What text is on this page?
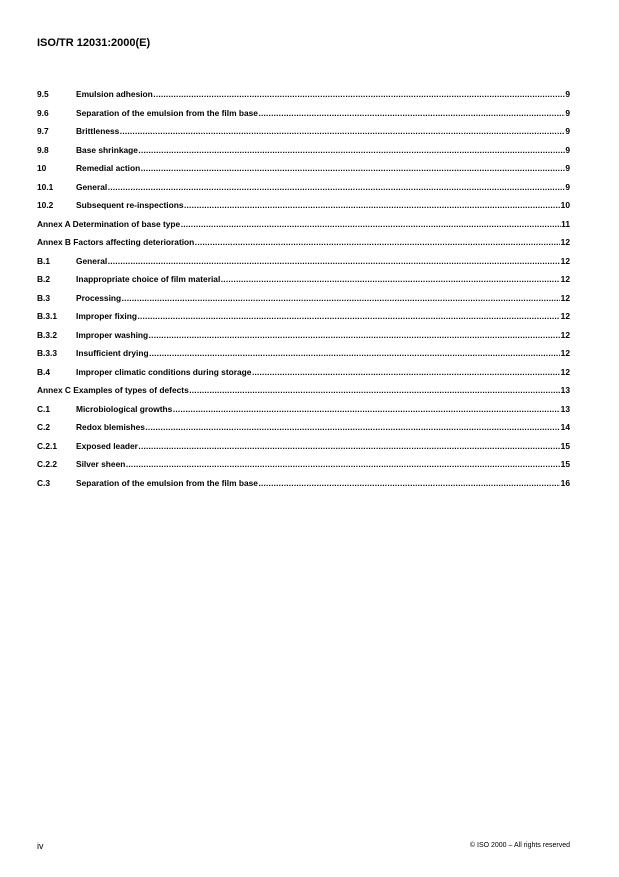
ISO/TR 12031:2000(E)
9.5	Emulsion adhesion .....	9
9.6	Separation of the emulsion from the film base .....	9
9.7	Brittleness .....	9
9.8	Base shrinkage .....	9
10	Remedial action .....	9
10.1	General .....	9
10.2	Subsequent re-inspections .....	10
Annex A Determination of base type .....	11
Annex B Factors affecting deterioration .....	12
B.1	General .....	12
B.2	Inappropriate choice of film material .....	12
B.3	Processing .....	12
B.3.1	Improper fixing .....	12
B.3.2	Improper washing .....	12
B.3.3	Insufficient drying .....	12
B.4	Improper climatic conditions during storage .....	12
Annex C Examples of types of defects .....	13
C.1	Microbiological growths .....	13
C.2	Redox blemishes .....	14
C.2.1	Exposed leader .....	15
C.2.2	Silver sheen .....	15
C.3	Separation of the emulsion from the film base .....	16
iv	© ISO 2000 – All rights reserved
